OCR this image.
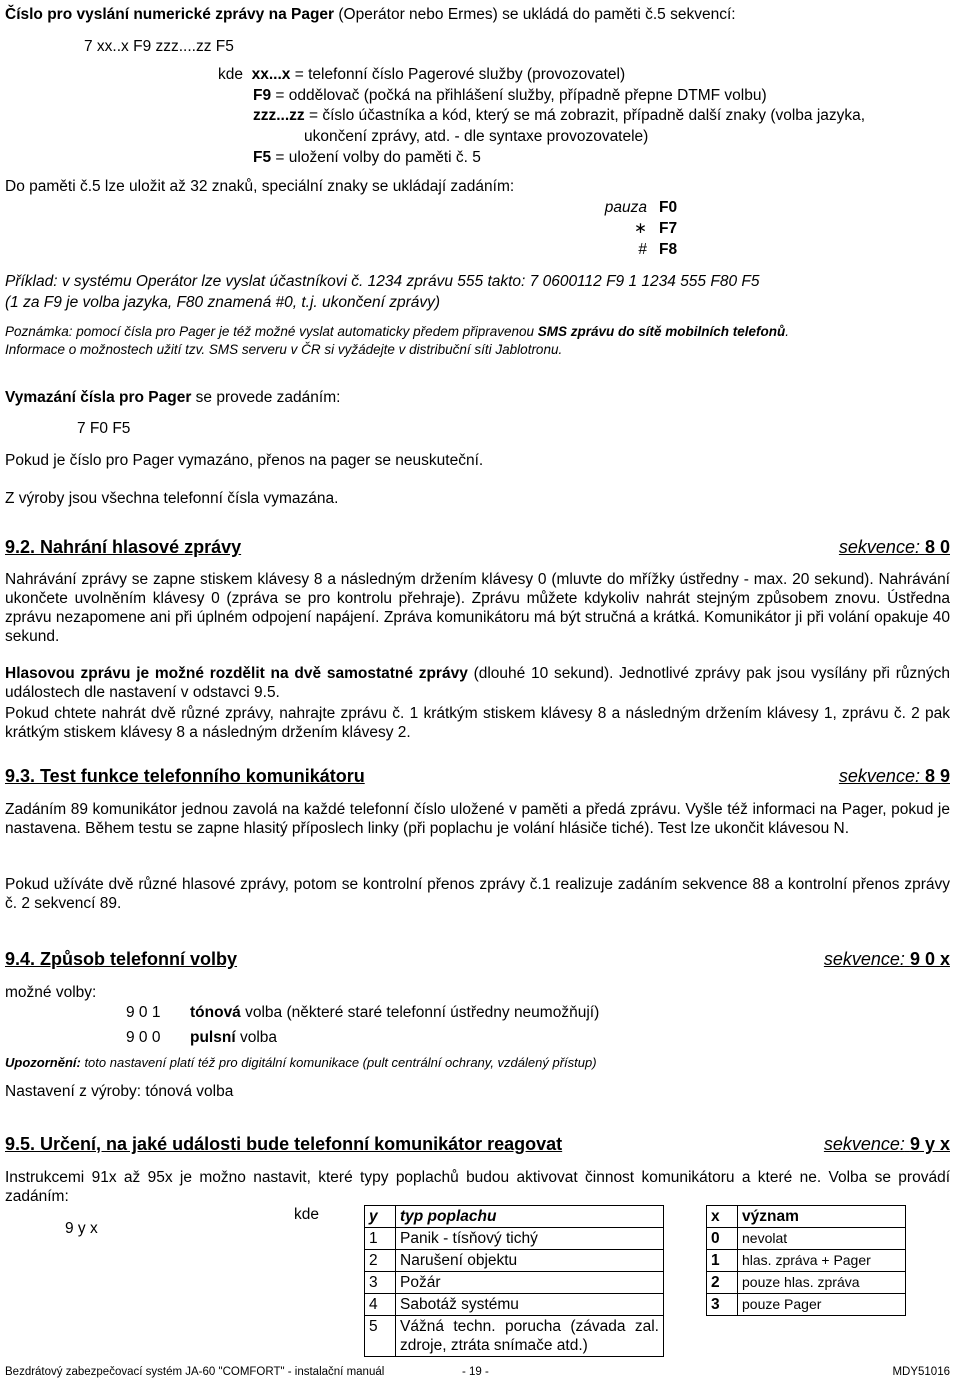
Číslo pro vyslání numerické zprávy na Pager (Operátor nebo Ermes) se ukládá do paměti č.5 sekvencí:
7 xx..x F9 zzz....zz F5
kde xx...x = telefonní číslo Pagerové služby (provozovatel)
F9 = oddělovač (počká na přihlášení služby, případně přepne DTMF volbu)
zzz...zz = číslo účastníka a kód, který se má zobrazit, případně další znaky (volba jazyka,
ukončení zprávy, atd. - dle syntaxe provozovatele)
F5 = uložení volby do paměti č. 5
Do paměti č.5 lze uložit až 32 znaků, speciální znaky se ukládají zadáním:
pauza F0
∗ F7
# F8
Příklad: v systému Operátor lze vyslat účastníkovi č. 1234 zprávu 555 takto: 7 0600112 F9 1 1234 555 F80 F5
(1 za F9 je volba jazyka, F80 znamená #0, t.j. ukončení zprávy)
Poznámka: pomocí čísla pro Pager je též možné vyslat automaticky předem připravenou SMS zprávu do sítě mobilních telefonů.
Informace o možnostech užití tzv. SMS serveru v ČR si vyžádejte v distribuční síti Jablotronu.
Vymazání čísla pro Pager se provede zadáním:
7 F0 F5
Pokud je číslo pro Pager vymazáno, přenos na pager se neuskuteční.
Z výroby jsou všechna telefonní čísla vymazána.
9.2. Nahrání hlasové zprávy	sekvence: 8 0
Nahrávání zprávy se zapne stiskem klávesy 8 a následným držením klávesy 0 (mluvte do mřížky ústředny - max. 20 sekund). Nahrávání ukončete uvolněním klávesy 0 (zpráva se pro kontrolu přehraje). Zprávu můžete kdykoliv nahrát stejným způsobem znovu. Ústředna zprávu nezapomene ani při úplném odpojení napájení. Zpráva komunikátoru má být stručná a krátká. Komunikátor ji při volání opakuje 40 sekund.
Hlasovou zprávu je možné rozdělit na dvě samostatné zprávy (dlouhé 10 sekund). Jednotlivé zprávy pak jsou vysílány při různých událostech dle nastavení v odstavci 9.5.
Pokud chtete nahrát dvě různé zprávy, nahrajte zprávu č. 1 krátkým stiskem klávesy 8 a následným držením klávesy 1, zprávu č. 2 pak krátkým stiskem klávesy 8 a následným držením klávesy 2.
9.3. Test funkce telefonního komunikátoru	sekvence: 8 9
Zadáním 89 komunikátor jednou zavolá na každé telefonní číslo uložené v paměti a předá zprávu. Vyšle též informaci na Pager, pokud je nastavena. Během testu se zapne hlasitý příposlech linky (při poplachu je volání hlásiče tiché). Test lze ukončit klávesou N.
Pokud užíváte dvě různé hlasové zprávy, potom se kontrolní přenos zprávy č.1 realizuje zadáním sekvence 88 a kontrolní přenos zprávy č. 2 sekvencí 89.
9.4. Způsob telefonní volby	sekvence: 9 0 x
možné volby:
9 0 1 tónová volba (některé staré telefonní ústředny neumožňují)
9 0 0 pulsní volba
Upozornění: toto nastavení platí též pro digitální komunikace (pult centrální ochrany, vzdálený přístup)
Nastavení z výroby: tónová volba
9.5. Určení, na jaké události bude telefonní komunikátor reagovat	sekvence: 9 y x
Instrukcemi 91x až 95x je možno nastavit, které typy poplachů budou aktivovat činnost komunikátoru a které ne. Volba se provádí zadáním:
9 y x
kde	y	typ poplachu
1	Panik - tísňový tichý
2	Narušení objektu
3	Požár
4	Sabotáž systému
5	Vážná techn. porucha (závada zal. zdroje, ztráta snímače atd.)
x	význam
0	nevolat
1	hlas. zpráva + Pager
2	pouze hlas. zpráva
3	pouze Pager
Bezdrátový zabezpečovací systém JA-60 "COMFORT" - instalační manuál	- 19 -	MDY51016
